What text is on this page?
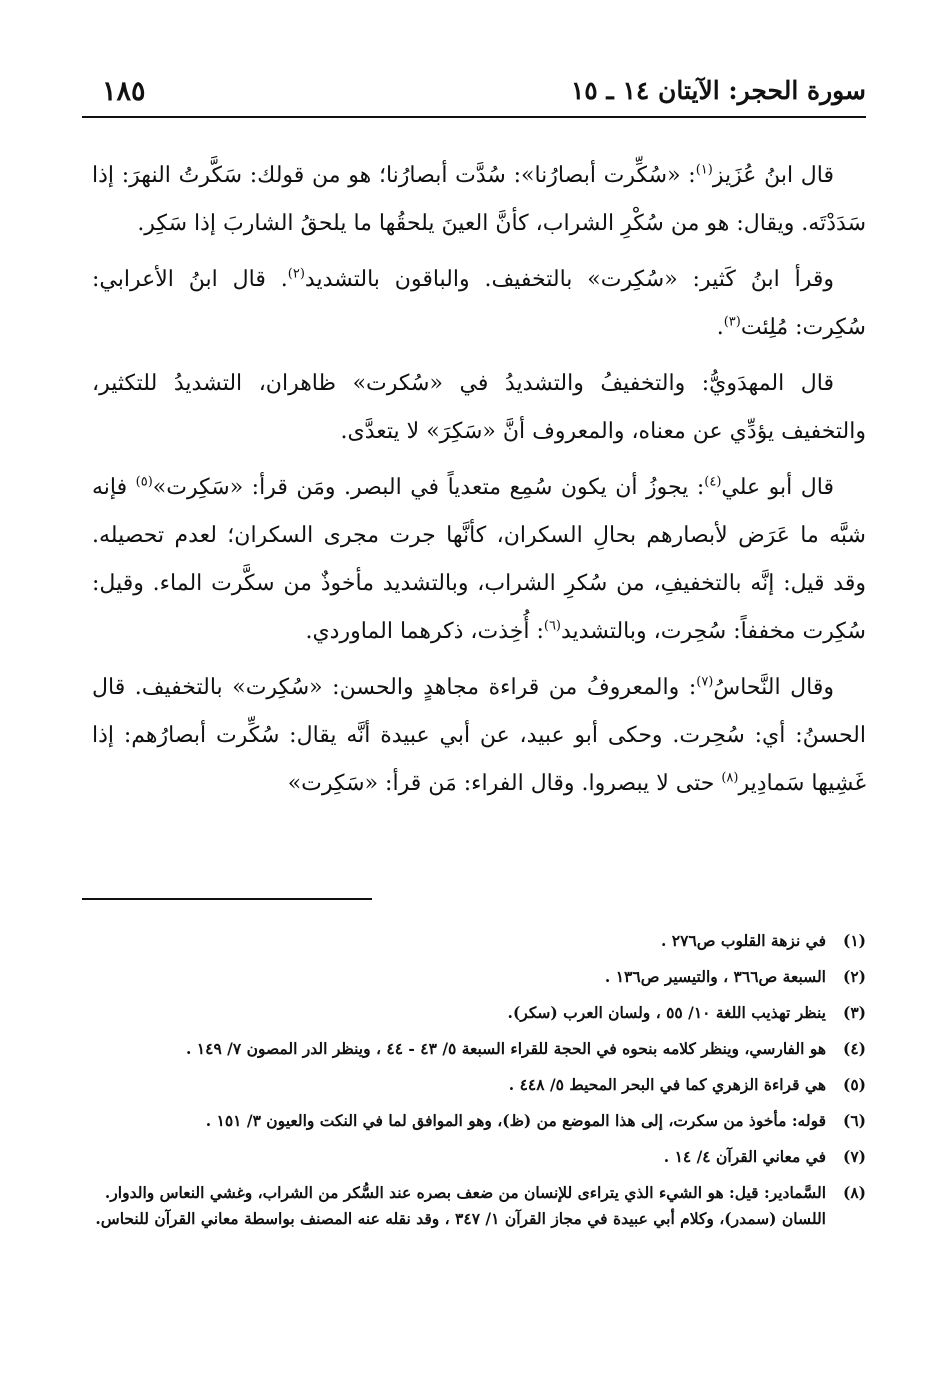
سورة الحجر: الآيتان ١٤ ـ ١٥
١٨٥

قال ابنُ عُزَيز$^{(١)}$: «سُكِّرت أبصارُنا»: سُدَّت أبصارُنا؛ هو من قولك: سَكَّرتُ النهرَ: إذا سَدَدْتَه. ويقال: هو من سُكْرِ الشراب، كأنَّ العينَ يلحقُها ما يلحقُ الشاربَ إذا سَكِر.

وقرأ ابنُ كَثير: «سُكِرت» بالتخفيف. والباقون بالتشديد$^{(٢)}$. قال ابنُ الأعرابي: سُكِرت: مُلِئت$^{(٣)}$.

قال المهدَويُّ: والتخفيفُ والتشديدُ في «سُكرت» ظاهران، التشديدُ للتكثير، والتخفيف يؤدِّي عن معناه، والمعروف أنَّ «سَكِرَ» لا يتعدَّى.

قال أبو علي$^{(٤)}$: يجوزُ أن يكون سُمِع متعدياً في البصر. ومَن قرأ: «سَكِرت»$^{(٥)}$ فإنه شبَّه ما عَرَض لأبصارهم بحالِ السكران، كأنَّها جرت مجرى السكران؛ لعدم تحصيله. وقد قيل: إنَّه بالتخفيفِ، من سُكرِ الشراب، وبالتشديد مأخوذٌ من سكَّرت الماء. وقيل: سُكِرت مخففاً: سُحِرت، وبالتشديد$^{(٦)}$: أُخِذت، ذكرهما الماوردي.

وقال النَّحاسُ$^{(٧)}$: والمعروفُ من قراءة مجاهدٍ والحسن: «سُكِرت» بالتخفيف. قال الحسنُ: أي: سُحِرت. وحكى أبو عبيد، عن أبي عبيدة أنَّه يقال: سُكِّرت أبصارُهم: إذا غَشِيها سَمادِير$^{(٨)}$ حتى لا يبصروا. وقال الفراء: مَن قرأ: «سَكِرت»

(١)
في نزهة القلوب ص٢٧٦ .
(٢)
السبعة ص٣٦٦ ، والتيسير ص١٣٦ .
(٣)
ينظر تهذيب اللغة ١٠/ ٥٥ ، ولسان العرب (سكر).
(٤)
هو الفارسي، وينظر كلامه بنحوه في الحجة للقراء السبعة ٥/ ٤٣ - ٤٤ ، وينظر الدر المصون ٧/ ١٤٩ .
(٥)
هي قراءة الزهري كما في البحر المحيط ٥/ ٤٤٨ .
(٦)
قوله: مأخوذ من سكرت، إلى هذا الموضع من (ظ)، وهو الموافق لما في النكت والعيون ٣/ ١٥١ .
(٧)
في معاني القرآن ٤/ ١٤ .
(٨)
السَّمادير: قيل: هو الشيء الذي يتراءى للإنسان من ضعف بصره عند السُّكر من الشراب، وغشي النعاس والدوار. اللسان (سمدر)، وكلام أبي عبيدة في مجاز القرآن ١/ ٣٤٧ ، وقد نقله عنه المصنف بواسطة معاني القرآن للنحاس.
